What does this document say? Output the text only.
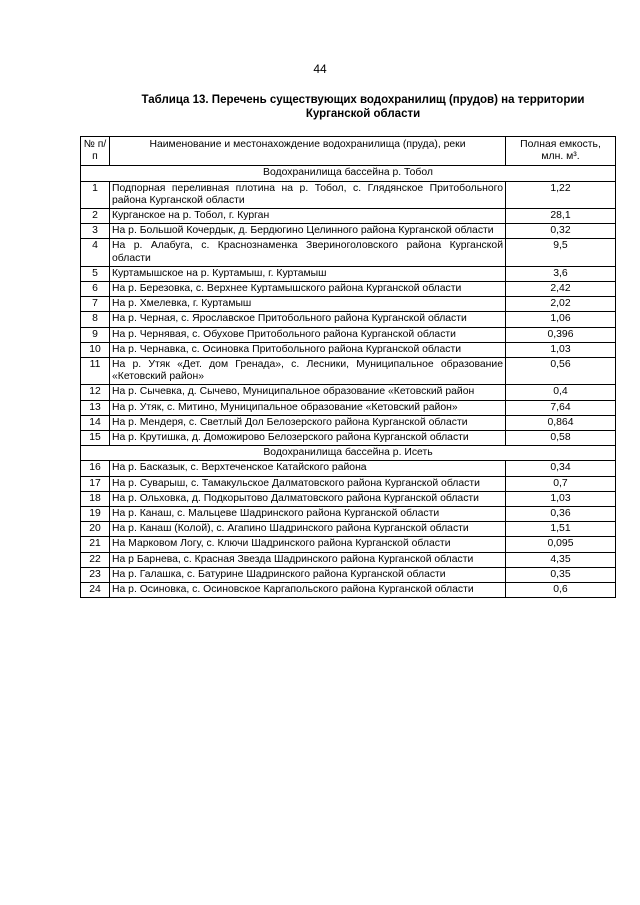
44
Таблица 13. Перечень существующих водохранилищ (прудов) на территории Курганской области
№ п/п	Наименование и местонахождение водохранилища (пруда), реки	Полная емкость, млн. м³.
Водохранилища бассейна р. Тобол		
1	Подпорная переливная плотина на р. Тобол, с. Глядянское Притобольного района Курганской области	1,22
2	Курганское на р. Тобол, г. Курган	28,1
3	На р. Большой Кочердык, д. Бердюгино Целинного района Курганской области	0,32
4	На р. Алабуга, с. Краснознаменка Звериноголовского района Курганской области	9,5
5	Куртамышское на р. Куртамыш, г. Куртамыш	3,6
6	На р. Березовка, с. Верхнее Куртамышского района Курганской области	2,42
7	На р. Хмелевка, г. Куртамыш	2,02
8	На р. Черная, с. Ярославское Притобольного района Курганской области	1,06
9	На р. Чернявая, с. Обухове Притобольного района Курганской области	0,396
10	На р. Чернавка, с. Осиновка Притобольного района Курганской области	1,03
11	На р. Утяк «Дет. дом Гренада», с. Лесники, Муниципальное образование «Кетовский район»	0,56
12	На р. Сычевка, д. Сычево, Муниципальное образование «Кетовский район	0,4
13	На р. Утяк, с. Митино, Муниципальное образование «Кетовский район»	7,64
14	На р. Мендеря, с. Светлый Дол Белозерского района Курганской области	0,864
15	На р. Крутишка, д. Доможирово Белозерского района Курганской области	0,58
Водохранилища бассейна р. Исеть		
16	На р. Басказык, с. Верхтеченское Катайского района	0,34
17	На р. Суварыш, с. Тамакульское Далматовского района Курганской области	0,7
18	На р. Ольховка, д. Подкорытово Далматовского района Курганской области	1,03
19	На р. Канаш, с. Мальцеве Шадринского района Курганской области	0,36
20	На р. Канаш (Колой), с. Агапино Шадринского района Курганской области	1,51
21	На Марковом Логу, с. Ключи Шадринского района Курганской области	0,095
22	На р Барнева, с. Красная Звезда Шадринского района Курганской области	4,35
23	На р. Галашка, с. Батурине Шадринского района Курганской области	0,35
24	На р. Осиновка, с. Осиновское Каргапольского района Курганской области	0,6
